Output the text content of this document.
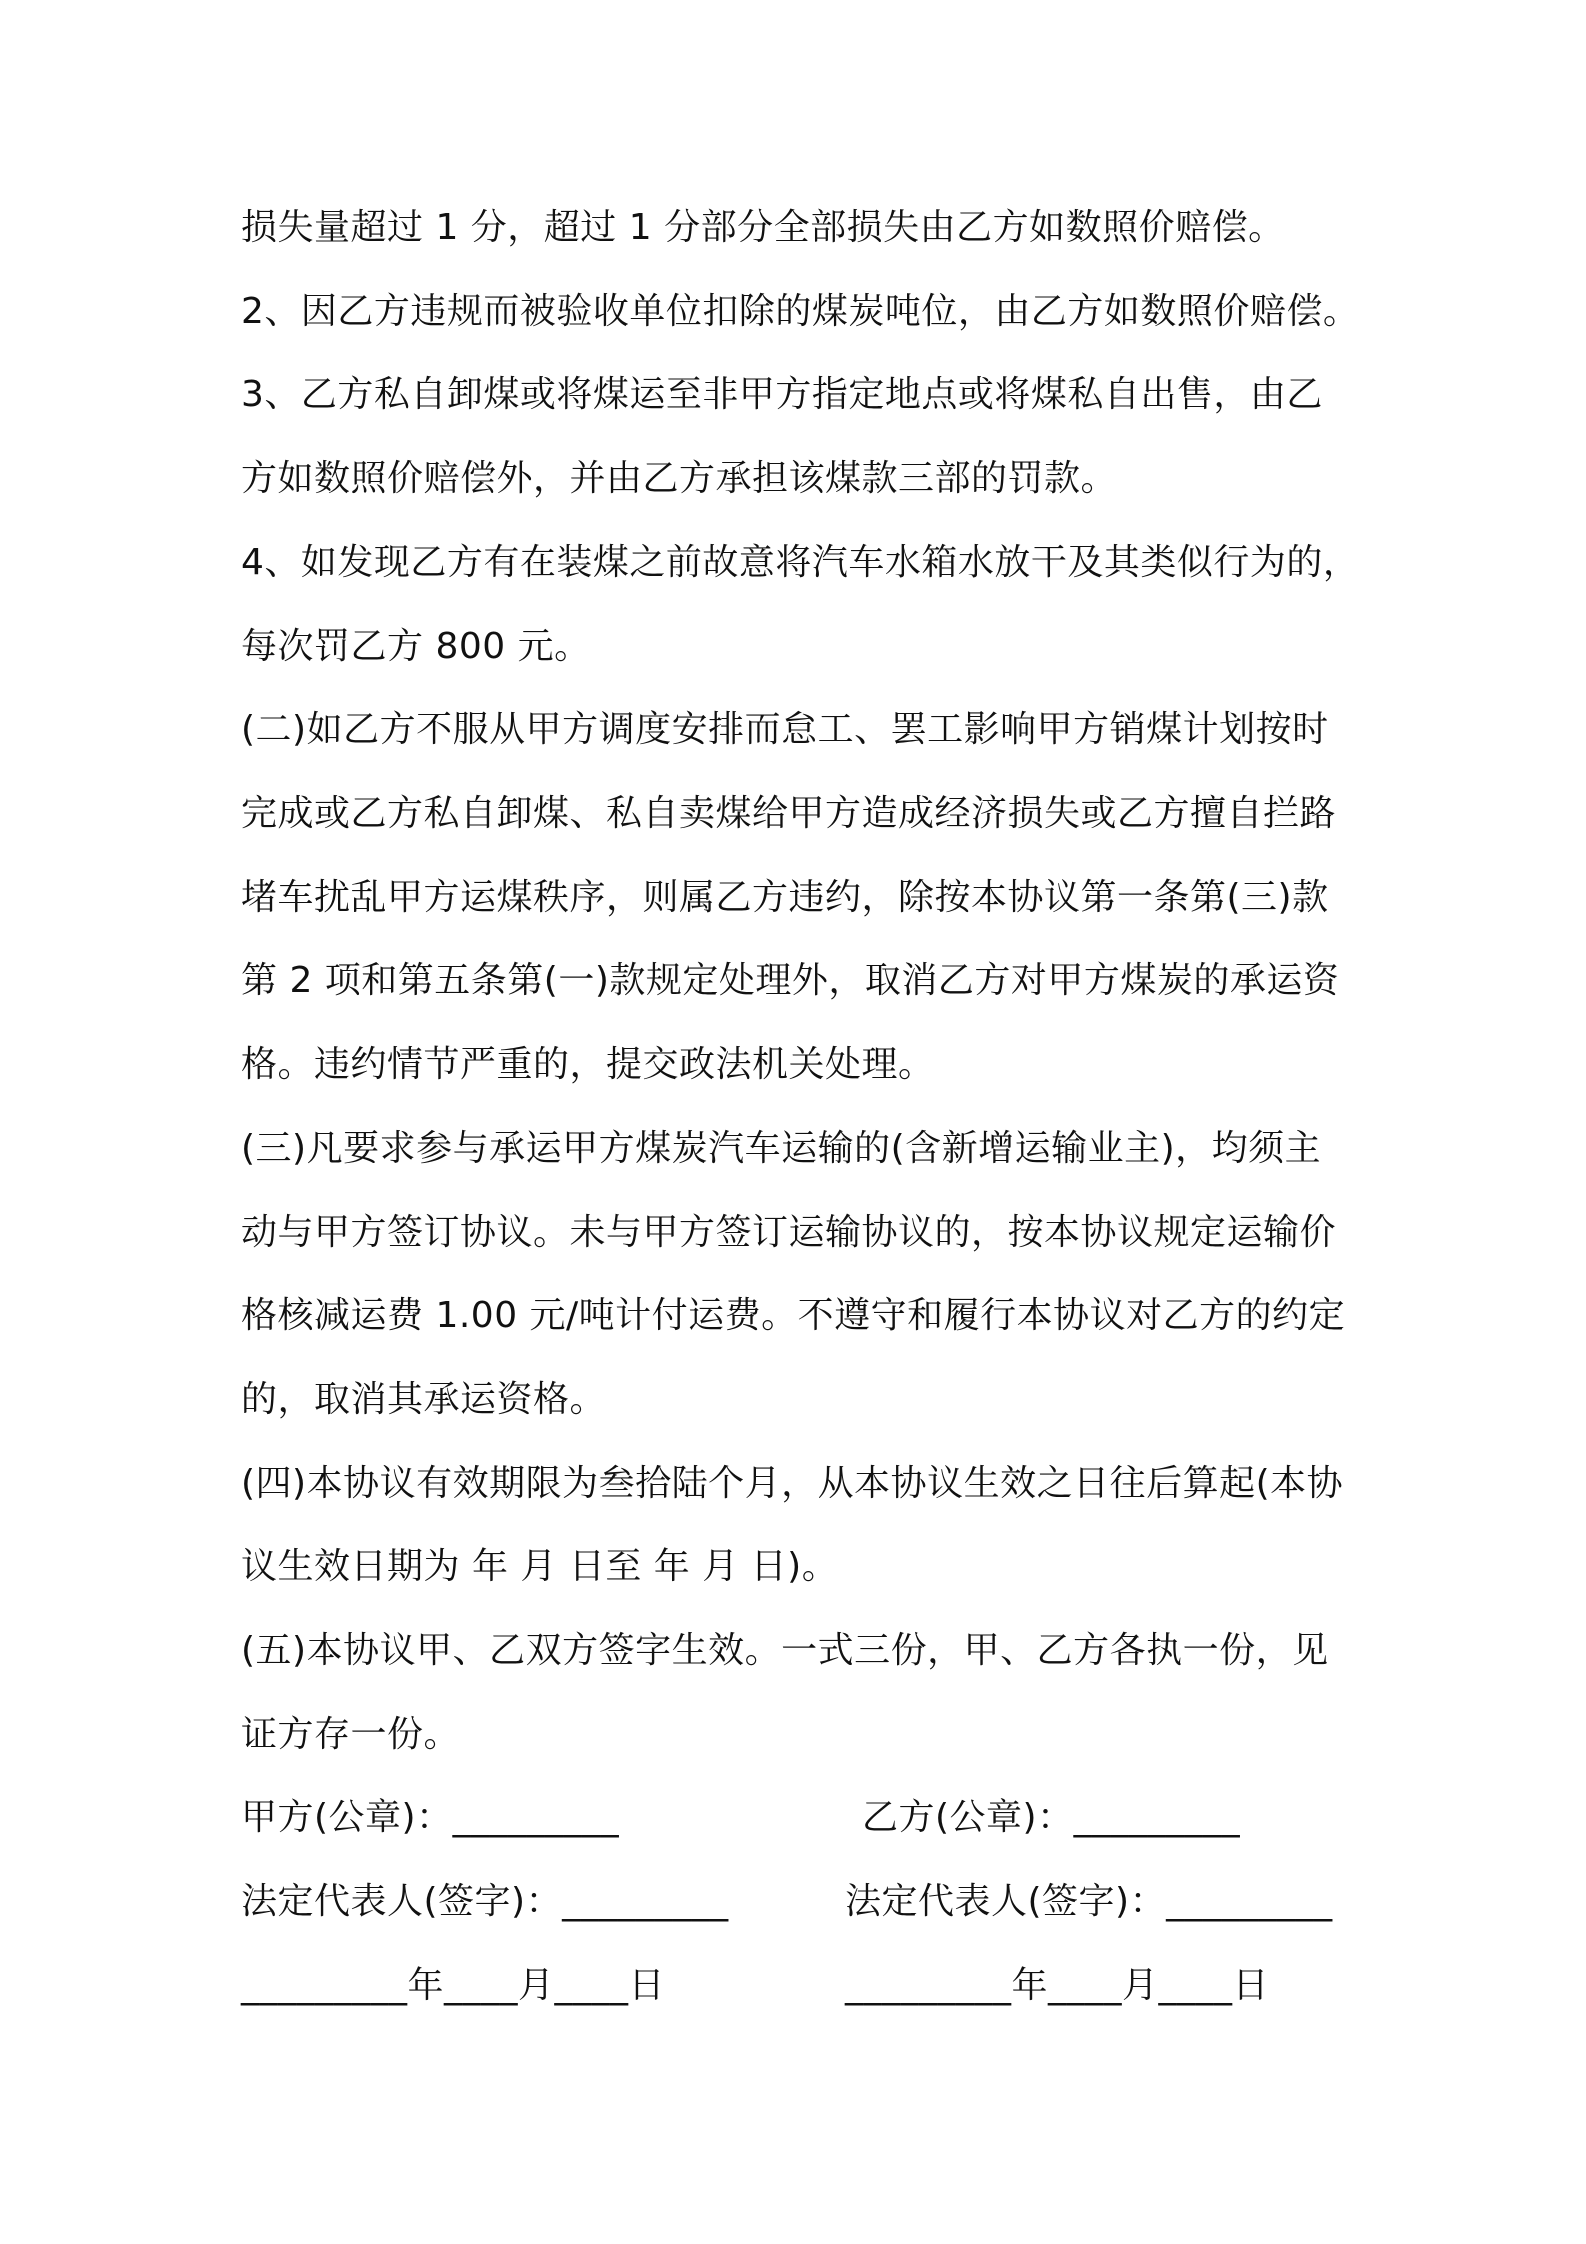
损失量超过 1 分，超过 1 分部分全部损失由乙方如数照价赔偿。
2、因乙方违规而被验收单位扣除的煤炭吨位，由乙方如数照价赔偿。
3、乙方私自卸煤或将煤运至非甲方指定地点或将煤私自出售，由乙
方如数照价赔偿外，并由乙方承担该煤款三部的罚款。
4、如发现乙方有在装煤之前故意将汽车水箱水放干及其类似行为的，
每次罚乙方 800 元。
(二)如乙方不服从甲方调度安排而怠工、罢工影响甲方销煤计划按时
完成或乙方私自卸煤、私自卖煤给甲方造成经济损失或乙方擅自拦路
堵车扰乱甲方运煤秩序，则属乙方违约，除按本协议第一条第(三)款
第 2 项和第五条第(一)款规定处理外，取消乙方对甲方煤炭的承运资
格。违约情节严重的，提交政法机关处理。
(三)凡要求参与承运甲方煤炭汽车运输的(含新增运输业主)，均须主
动与甲方签订协议。未与甲方签订运输协议的，按本协议规定运输价
格核减运费 1.00 元/吨计付运费。不遵守和履行本协议对乙方的约定
的，取消其承运资格。
(四)本协议有效期限为叁拾陆个月，从本协议生效之日往后算起(本协
议生效日期为 年 月 日至 年 月 日)。
(五)本协议甲、乙双方签字生效。一式三份，甲、乙方各执一份，见
证方存一份。
甲方(公章)：_________	乙方(公章)：_________
法定代表人(签字)：_________	法定代表人(签字)：_________
_________年____月____日	_________年____月____日
